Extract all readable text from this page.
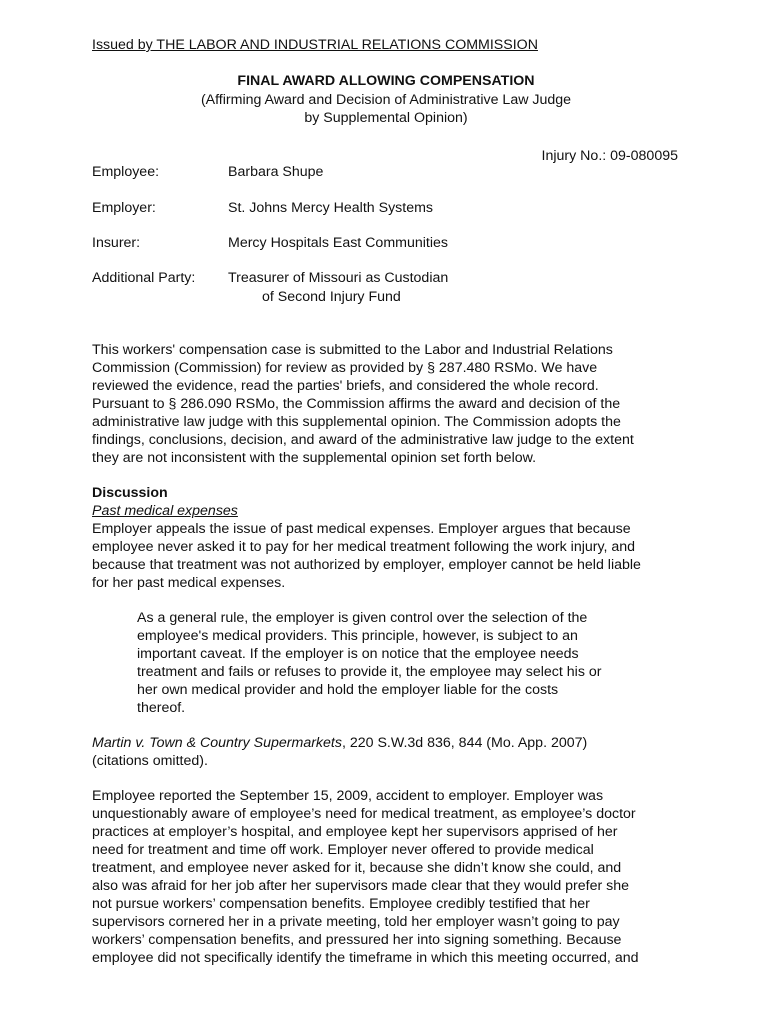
Issued by THE LABOR AND INDUSTRIAL RELATIONS COMMISSION
FINAL AWARD ALLOWING COMPENSATION
(Affirming Award and Decision of Administrative Law Judge
by Supplemental Opinion)
Injury No.: 09-080095
Employee:	Barbara Shupe
Employer:	St. Johns Mercy Health Systems
Insurer:	Mercy Hospitals East Communities
Additional Party: Treasurer of Missouri as Custodian
of Second Injury Fund
This workers' compensation case is submitted to the Labor and Industrial Relations
Commission (Commission) for review as provided by § 287.480 RSMo. We have
reviewed the evidence, read the parties' briefs, and considered the whole record.
Pursuant to § 286.090 RSMo, the Commission affirms the award and decision of the
administrative law judge with this supplemental opinion. The Commission adopts the
findings, conclusions, decision, and award of the administrative law judge to the extent
they are not inconsistent with the supplemental opinion set forth below.
Discussion
Past medical expenses
Employer appeals the issue of past medical expenses. Employer argues that because
employee never asked it to pay for her medical treatment following the work injury, and
because that treatment was not authorized by employer, employer cannot be held liable
for her past medical expenses.
As a general rule, the employer is given control over the selection of the
employee's medical providers. This principle, however, is subject to an
important caveat. If the employer is on notice that the employee needs
treatment and fails or refuses to provide it, the employee may select his or
her own medical provider and hold the employer liable for the costs
thereof.
Martin v. Town & Country Supermarkets, 220 S.W.3d 836, 844 (Mo. App. 2007)
(citations omitted).
Employee reported the September 15, 2009, accident to employer. Employer was
unquestionably aware of employee’s need for medical treatment, as employee’s doctor
practices at employer’s hospital, and employee kept her supervisors apprised of her
need for treatment and time off work. Employer never offered to provide medical
treatment, and employee never asked for it, because she didn’t know she could, and
also was afraid for her job after her supervisors made clear that they would prefer she
not pursue workers’ compensation benefits. Employee credibly testified that her
supervisors cornered her in a private meeting, told her employer wasn’t going to pay
workers’ compensation benefits, and pressured her into signing something. Because
employee did not specifically identify the timeframe in which this meeting occurred, and
